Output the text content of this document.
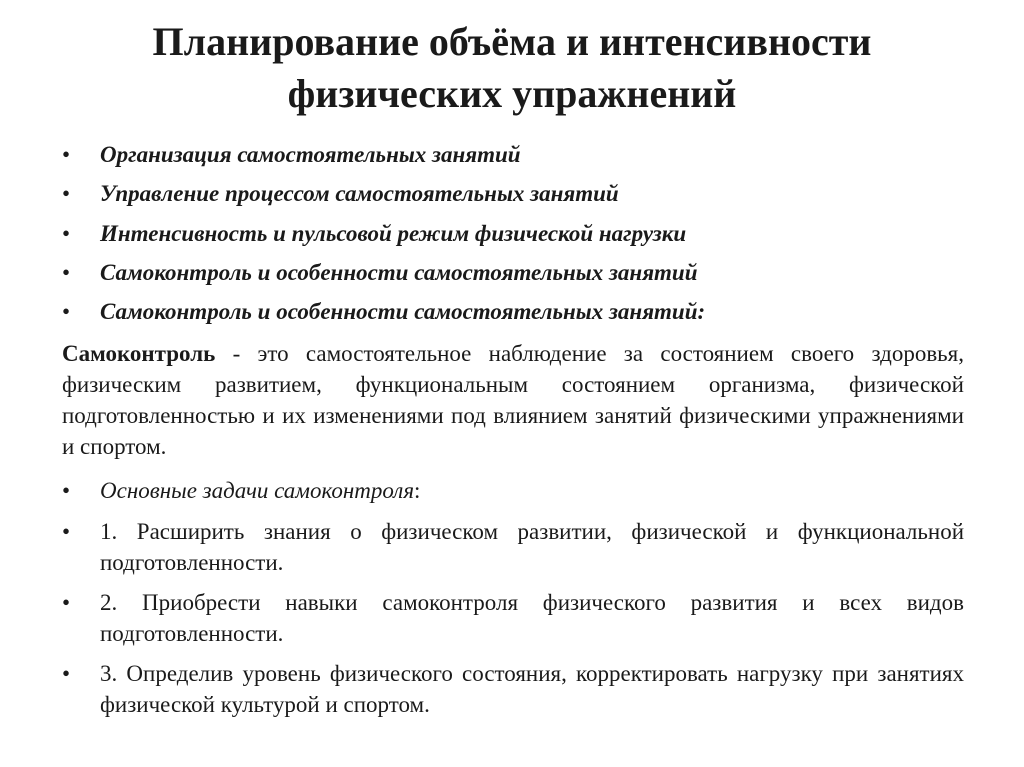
Планирование объёма и интенсивности физических упражнений
•	Организация самостоятельных занятий
•	Управление процессом самостоятельных занятий
•	Интенсивность и пульсовой режим физической нагрузки
•	Самоконтроль и особенности самостоятельных занятий
•	Самоконтроль и особенности самостоятельных занятий:

Самоконтроль - это самостоятельное наблюдение за состоянием своего здоровья, физическим развитием, функциональным состоянием организма, физической подготовленностью и их изменениями под влиянием занятий физическими упражнениями и спортом.

•	Основные задачи самоконтроля:
•	1. Расширить знания о физическом развитии, физической и функциональной подготовленности.
•	2. Приобрести навыки самоконтроля физического развития и всех видов подготовленности.
•	3. Определив уровень физического состояния, корректировать нагрузку при занятиях физической культурой и спортом.
